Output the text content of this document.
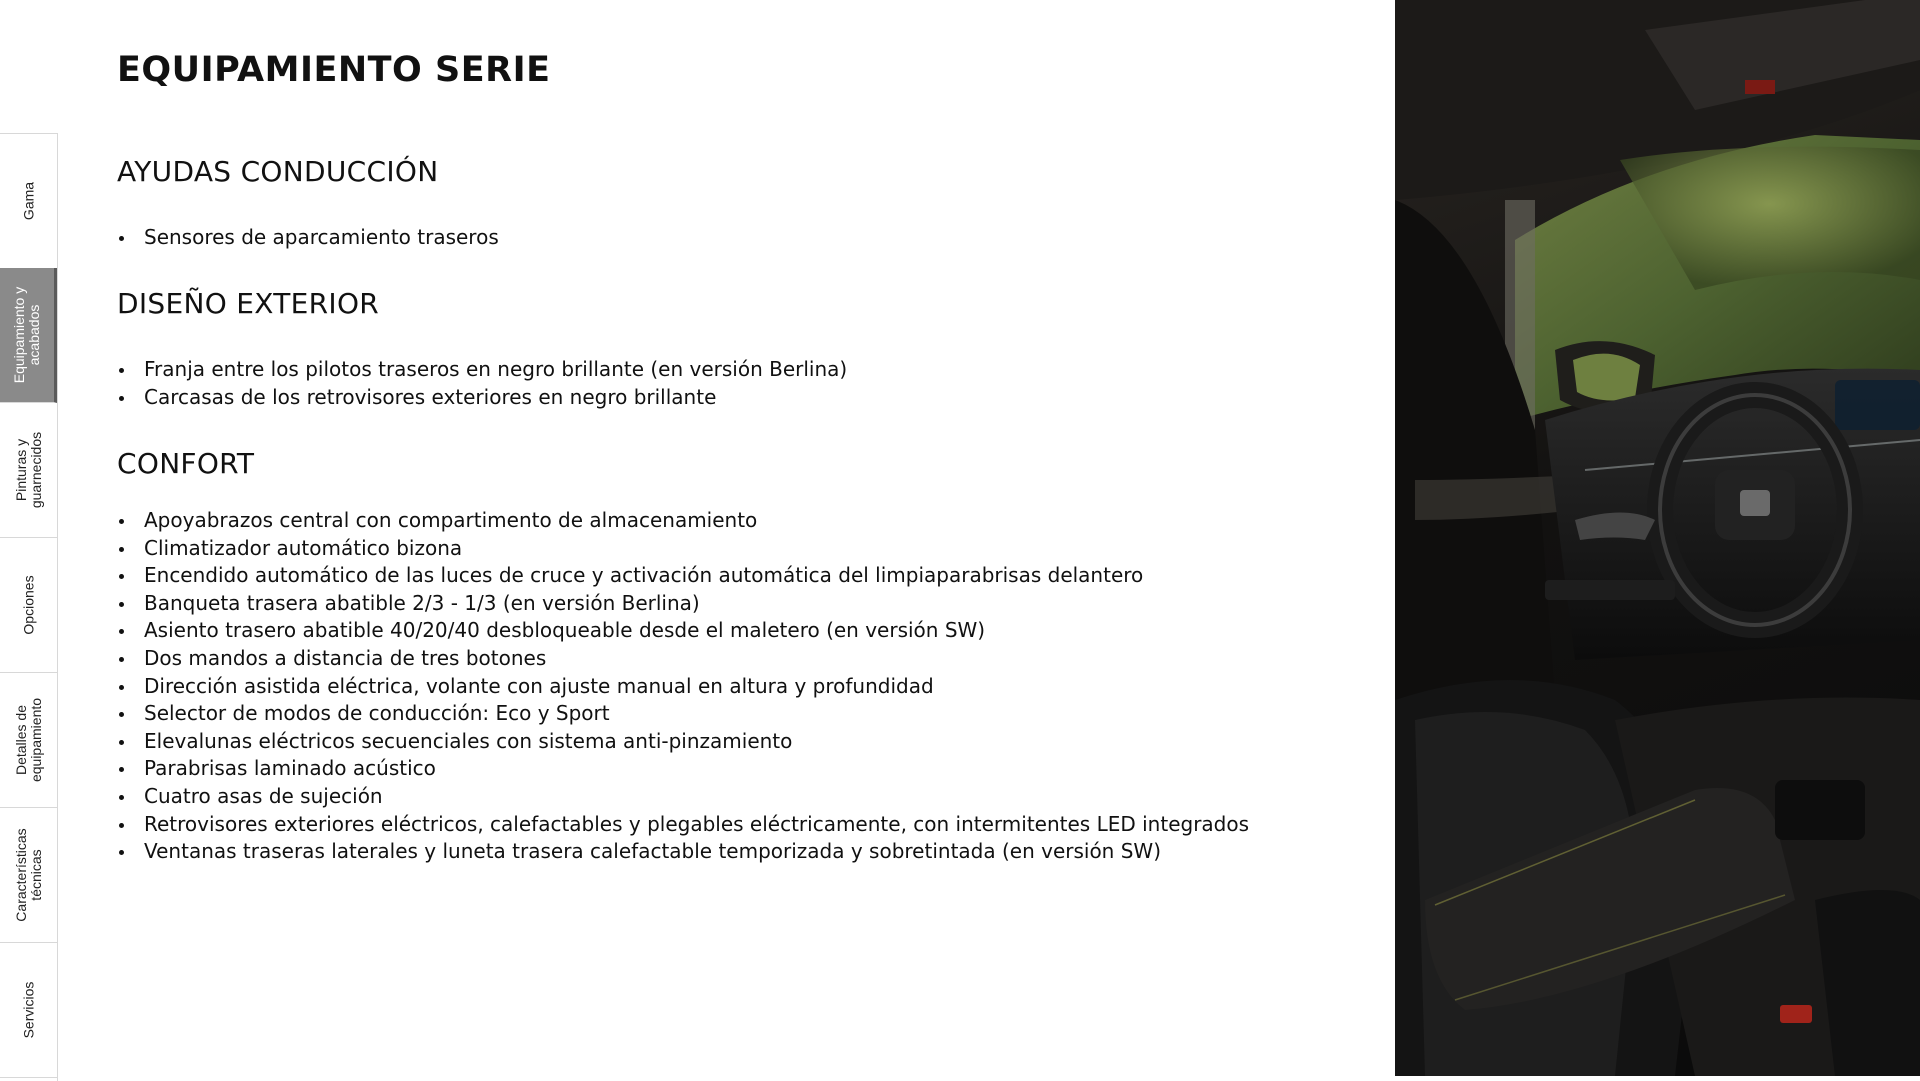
Gama
Equipamiento y acabados
Pinturas y guarnecidos
Opciones
Detalles de equipamiento
Características técnicas
Servicios
EQUIPAMIENTO SERIE
AYUDAS CONDUCCIÓN
Sensores de aparcamiento traseros
DISEÑO EXTERIOR
Franja entre los pilotos traseros en negro brillante (en versión Berlina)
Carcasas de los retrovisores exteriores en negro brillante
CONFORT
Apoyabrazos central con compartimento de almacenamiento
Climatizador automático bizona
Encendido automático de las luces de cruce y activación automática del limpiaparabrisas delantero
Banqueta trasera abatible 2/3 - 1/3 (en versión Berlina)
Asiento trasero abatible 40/20/40 desbloqueable desde el maletero (en versión SW)
Dos mandos a distancia de tres botones
Dirección asistida eléctrica, volante con ajuste manual en altura y profundidad
Selector de modos de conducción: Eco y Sport
Elevalunas eléctricos secuenciales con sistema anti-pinzamiento
Parabrisas laminado acústico
Cuatro asas de sujeción
Retrovisores exteriores eléctricos, calefactables y plegables eléctricamente, con intermitentes LED integrados
Ventanas traseras laterales y luneta trasera calefactable temporizada y sobretintada (en versión SW)
